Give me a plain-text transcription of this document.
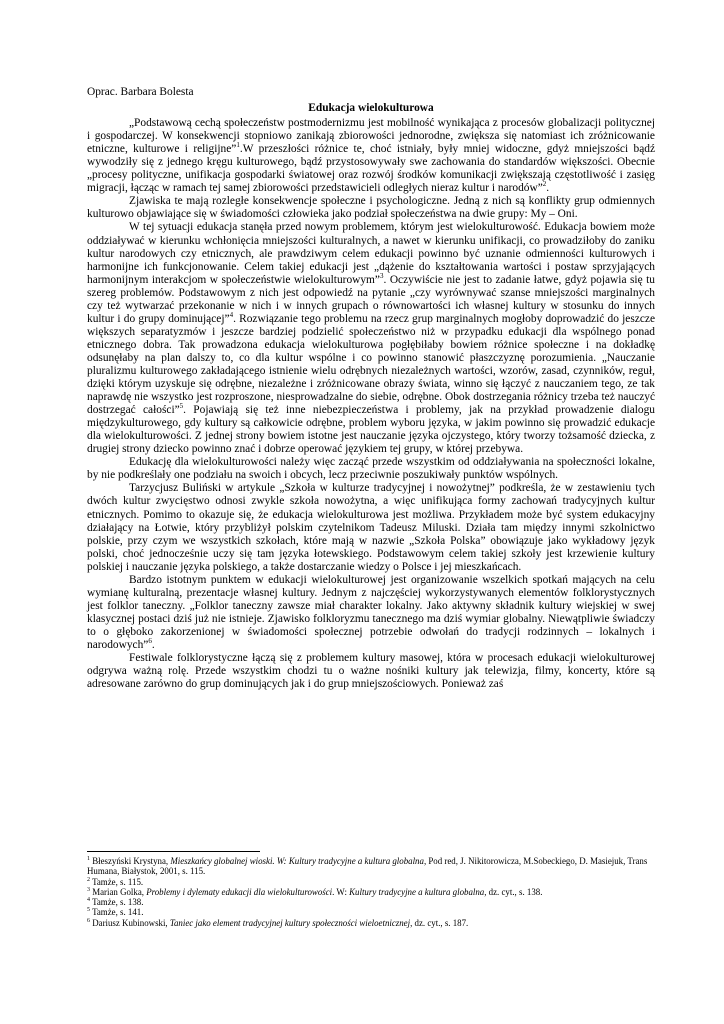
Oprac. Barbara Bolesta

Edukacja wielokulturowa

„Podstawową cechą społeczeństw postmodernizmu jest mobilność wynikająca z procesów globalizacji politycznej i gospodarczej. W konsekwencji stopniowo zanikają zbiorowości jednorodne, zwiększa się natomiast ich zróżnicowanie etniczne, kulturowe i religijne”$^1$.W przeszłości różnice te, choć istniały, były mniej widoczne, gdyż mniejszości bądź wywodziły się z jednego kręgu kulturowego, bądź przystosowywały swe zachowania do standardów większości. Obecnie „procesy polityczne, unifikacja gospodarki światowej oraz rozwój środków komunikacji zwiększają częstotliwość i zasięg migracji, łącząc w ramach tej samej zbiorowości przedstawicieli odległych nieraz kultur i narodów”$^2$.

Zjawiska te mają rozległe konsekwencje społeczne i psychologiczne. Jedną z nich są konflikty grup odmiennych kulturowo objawiające się w świadomości człowieka jako podział społeczeństwa na dwie grupy: My – Oni.

W tej sytuacji edukacja stanęła przed nowym problemem, którym jest wielokulturowość. Edukacja bowiem może oddziaływać w kierunku wchłonięcia mniejszości kulturalnych, a nawet w kierunku unifikacji, co prowadziłoby do zaniku kultur narodowych czy etnicznych, ale prawdziwym celem edukacji powinno być uznanie odmienności kulturowych i harmonijne ich funkcjonowanie. Celem takiej edukacji jest „dążenie do kształtowania wartości i postaw sprzyjających harmonijnym interakcjom w społeczeństwie wielokulturowym”$^3$. Oczywiście nie jest to zadanie łatwe, gdyż pojawia się tu szereg problemów. Podstawowym z nich jest odpowiedź na pytanie „czy wyrównywać szanse mniejszości marginalnych czy też wytwarzać przekonanie w nich i w innych grupach o równowartości ich własnej kultury w stosunku do innych kultur i do grupy dominującej”$^4$. Rozwiązanie tego problemu na rzecz grup marginalnych mogłoby doprowadzić do jeszcze większych separatyzmów i jeszcze bardziej podzielić społeczeństwo niż w przypadku edukacji dla wspólnego ponad etnicznego dobra. Tak prowadzona edukacja wielokulturowa pogłębiłaby bowiem różnice społeczne i na dokładkę odsunęłaby na plan dalszy to, co dla kultur wspólne i co powinno stanowić płaszczyznę porozumienia. „Nauczanie pluralizmu kulturowego zakładającego istnienie wielu odrębnych niezależnych wartości, wzorów, zasad, czynników, reguł, dzięki którym uzyskuje się odrębne, niezależne i zróżnicowane obrazy świata, winno się łączyć z nauczaniem tego, ze tak naprawdę nie wszystko jest rozproszone, niesprowadzalne do siebie, odrębne. Obok dostrzegania różnicy trzeba też nauczyć dostrzegać całości”$^5$. Pojawiają się też inne niebezpieczeństwa i problemy, jak na przykład prowadzenie dialogu międzykulturowego, gdy kultury są całkowicie odrębne, problem wyboru języka, w jakim powinno się prowadzić edukacje dla wielokulturowości. Z jednej strony bowiem istotne jest nauczanie języka ojczystego, który tworzy tożsamość dziecka, z drugiej strony dziecko powinno znać i dobrze operować językiem tej grupy, w której przebywa.

Edukację dla wielokulturowości należy więc zacząć przede wszystkim od oddziaływania na społeczności lokalne, by nie podkreślały one podziału na swoich i obcych, lecz przeciwnie poszukiwały punktów wspólnych.

Tarzycjusz Buliński w artykule „Szkoła w kulturze tradycyjnej i nowożytnej” podkreśla, że w zestawieniu tych dwóch kultur zwycięstwo odnosi zwykle szkoła nowożytna, a więc unifikująca formy zachowań tradycyjnych kultur etnicznych. Pomimo to okazuje się, że edukacja wielokulturowa jest możliwa. Przykładem może być system edukacyjny działający na Łotwie, który przybliżył polskim czytelnikom Tadeusz Miluski. Działa tam między innymi szkolnictwo polskie, przy czym we wszystkich szkołach, które mają w nazwie „Szkoła Polska” obowiązuje jako wykładowy język polski, choć jednocześnie uczy się tam języka łotewskiego. Podstawowym celem takiej szkoły jest krzewienie kultury polskiej i nauczanie języka polskiego, a także dostarczanie wiedzy o Polsce i jej mieszkańcach.

Bardzo istotnym punktem w edukacji wielokulturowej jest organizowanie wszelkich spotkań mających na celu wymianę kulturalną, prezentacje własnej kultury. Jednym z najczęściej wykorzystywanych elementów folklorystycznych jest folklor taneczny. „Folklor taneczny zawsze miał charakter lokalny. Jako aktywny składnik kultury wiejskiej w swej klasycznej postaci dziś już nie istnieje. Zjawisko folkloryzmu tanecznego ma dziś wymiar globalny. Niewątpliwie świadczy to o głęboko zakorzenionej w świadomości społecznej potrzebie odwołań do tradycji rodzinnych – lokalnych i narodowych”$^6$.

Festiwale folklorystyczne łączą się z problemem kultury masowej, która w procesach edukacji wielokulturowej odgrywa ważną rolę. Przede wszystkim chodzi tu o ważne nośniki kultury jak telewizja, filmy, koncerty, które są adresowane zarówno do grup dominujących jak i do grup mniejszościowych. Ponieważ zaś

$^1$ Błeszyński Krystyna, Mieszkańcy globalnej wioski. W: Kultury tradycyjne a kultura globalna, Pod red, J. Nikitorowicza, M.Sobeckiego, D. Masiejuk, Trans Humana, Białystok, 2001, s. 115.

$^2$ Tamże, s. 115.

$^3$ Marian Golka, Problemy i dylematy edukacji dla wielokulturowości. W: Kultury tradycyjne a kultura globalna, dz. cyt., s. 138.

$^4$ Tamże, s. 138.

$^5$ Tamże, s. 141.

$^6$ Dariusz Kubinowski, Taniec jako element tradycyjnej kultury społeczności wieloetnicznej, dz. cyt., s. 187.
